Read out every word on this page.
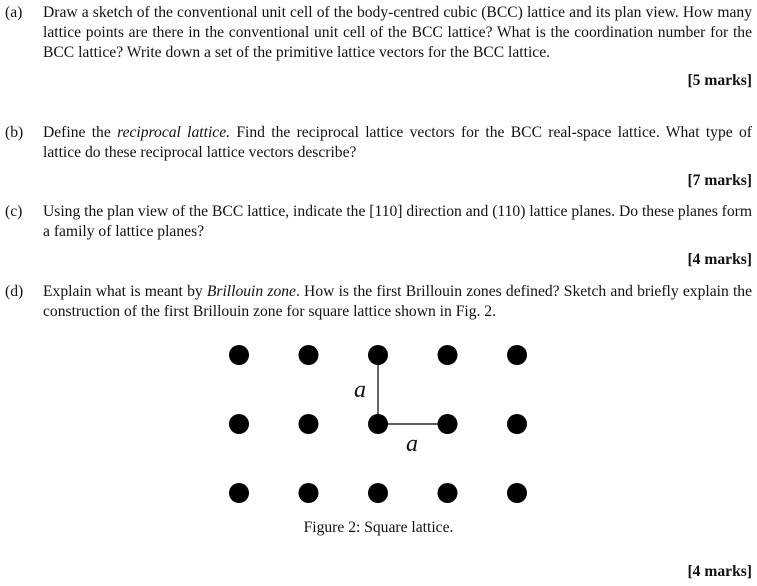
(a) Draw a sketch of the conventional unit cell of the body-centred cubic (BCC) lattice and its plan view. How many lattice points are there in the conventional unit cell of the BCC lattice? What is the coordination number for the BCC lattice? Write down a set of the primitive lattice vectors for the BCC lattice.
[5 marks]
(b) Define the reciprocal lattice. Find the reciprocal lattice vectors for the BCC real-space lattice. What type of lattice do these reciprocal lattice vectors describe?
[7 marks]
(c) Using the plan view of the BCC lattice, indicate the [110] direction and (110) lattice planes. Do these planes form a family of lattice planes?
[4 marks]
(d) Explain what is meant by Brillouin zone. How is the first Brillouin zones defined? Sketch and briefly explain the construction of the first Brillouin zone for square lattice shown in Fig. 2.
a
a
Figure 2: Square lattice.
[4 marks]
